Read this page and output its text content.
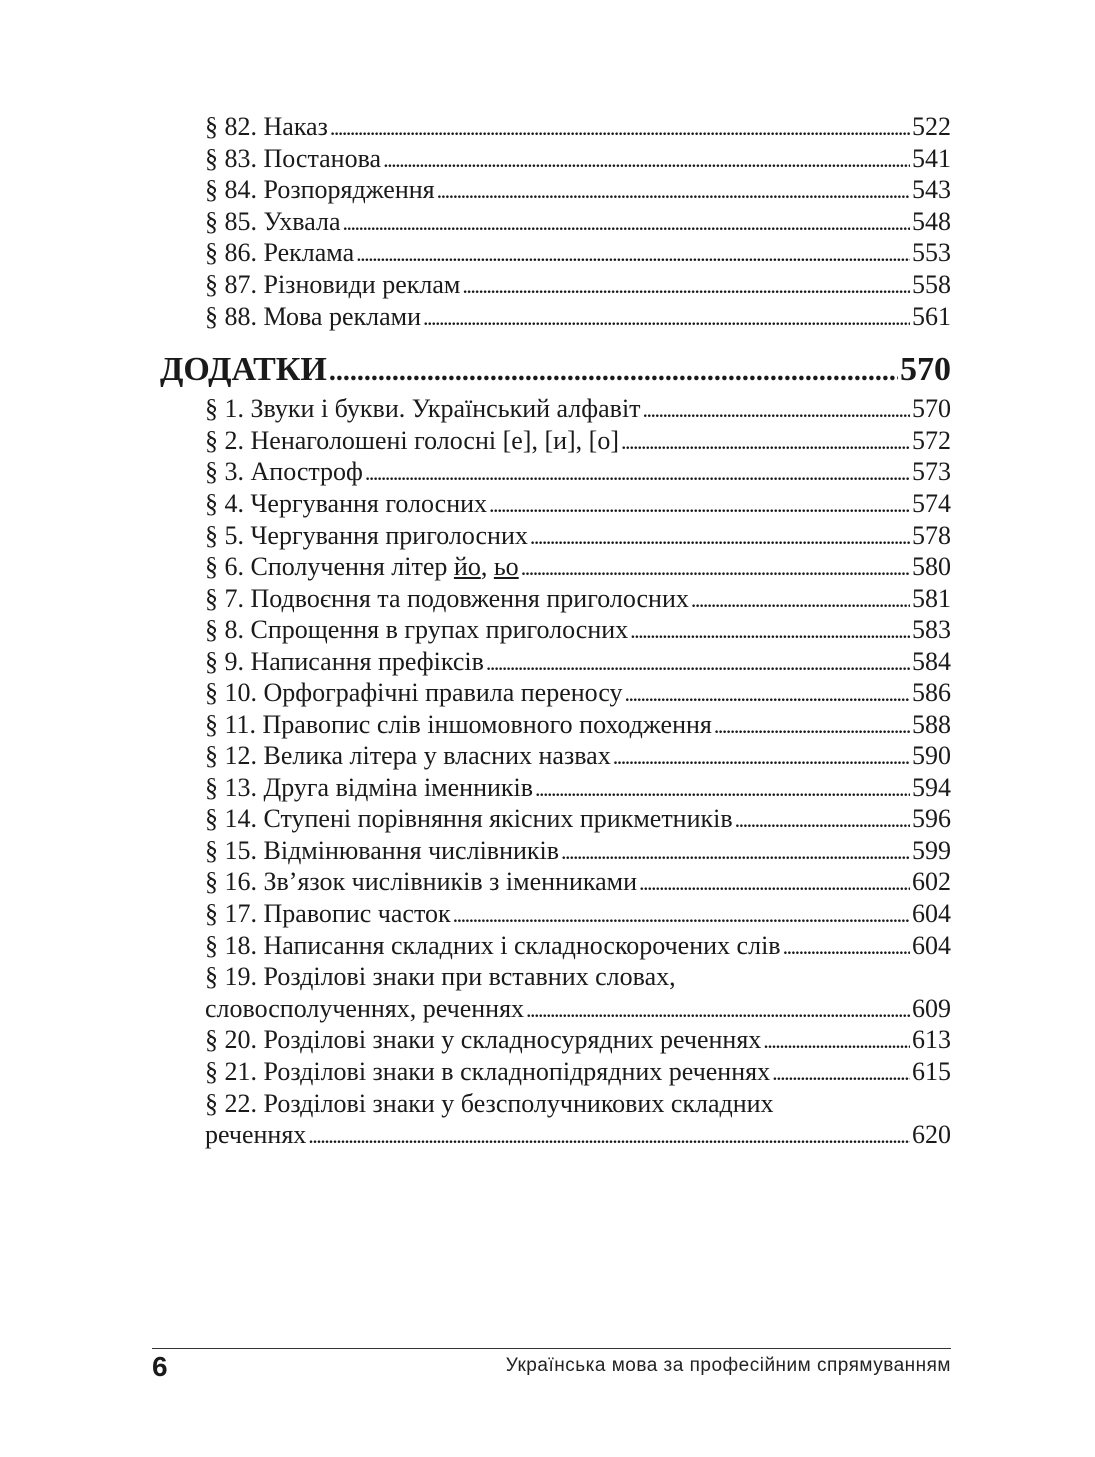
§ 82. Наказ . . .	522
§ 83. Постанова . . .	541
§ 84. Розпорядження . . .	543
§ 85. Ухвала . . .	548
§ 86. Реклама . . .	553
§ 87. Різновиди реклам . . .	558
§ 88. Мова реклами . . .	561
ДОДАТКИ . . .	570
§ 1. Звуки і букви. Український алфавіт . . .	570
§ 2. Ненаголошені голосні [е], [и], [о] . . .	572
§ 3. Апостроф . . .	573
§ 4. Чергування голосних . . .	574
§ 5. Чергування приголосних . . .	578
§ 6. Сполучення літер йо, ьо . . .	580
§ 7. Подвоєння та подовження приголосних . . .	581
§ 8. Спрощення в групах приголосних . . .	583
§ 9. Написання префіксів . . .	584
§ 10. Орфографічні правила переносу . . .	586
§ 11. Правопис слів іншомовного походження . . .	588
§ 12. Велика літера у власних назвах . . .	590
§ 13. Друга відміна іменників . . .	594
§ 14. Ступені порівняння якісних прикметників . . .	596
§ 15. Відмінювання числівників . . .	599
§ 16. Зв’язок числівників з іменниками . . .	602
§ 17. Правопис часток . . .	604
§ 18. Написання складних і складноскорочених слів . . .	604
§ 19. Розділові знаки при вставних словах,
словосполученнях, реченнях . . .	609
§ 20. Розділові знаки у складносурядних реченнях . . .	613
§ 21. Розділові знаки в складнопідрядних реченнях . . .	615
§ 22. Розділові знаки у безсполучникових складних
реченнях . . .	620
6	Українська мова за професійним спрямуванням
